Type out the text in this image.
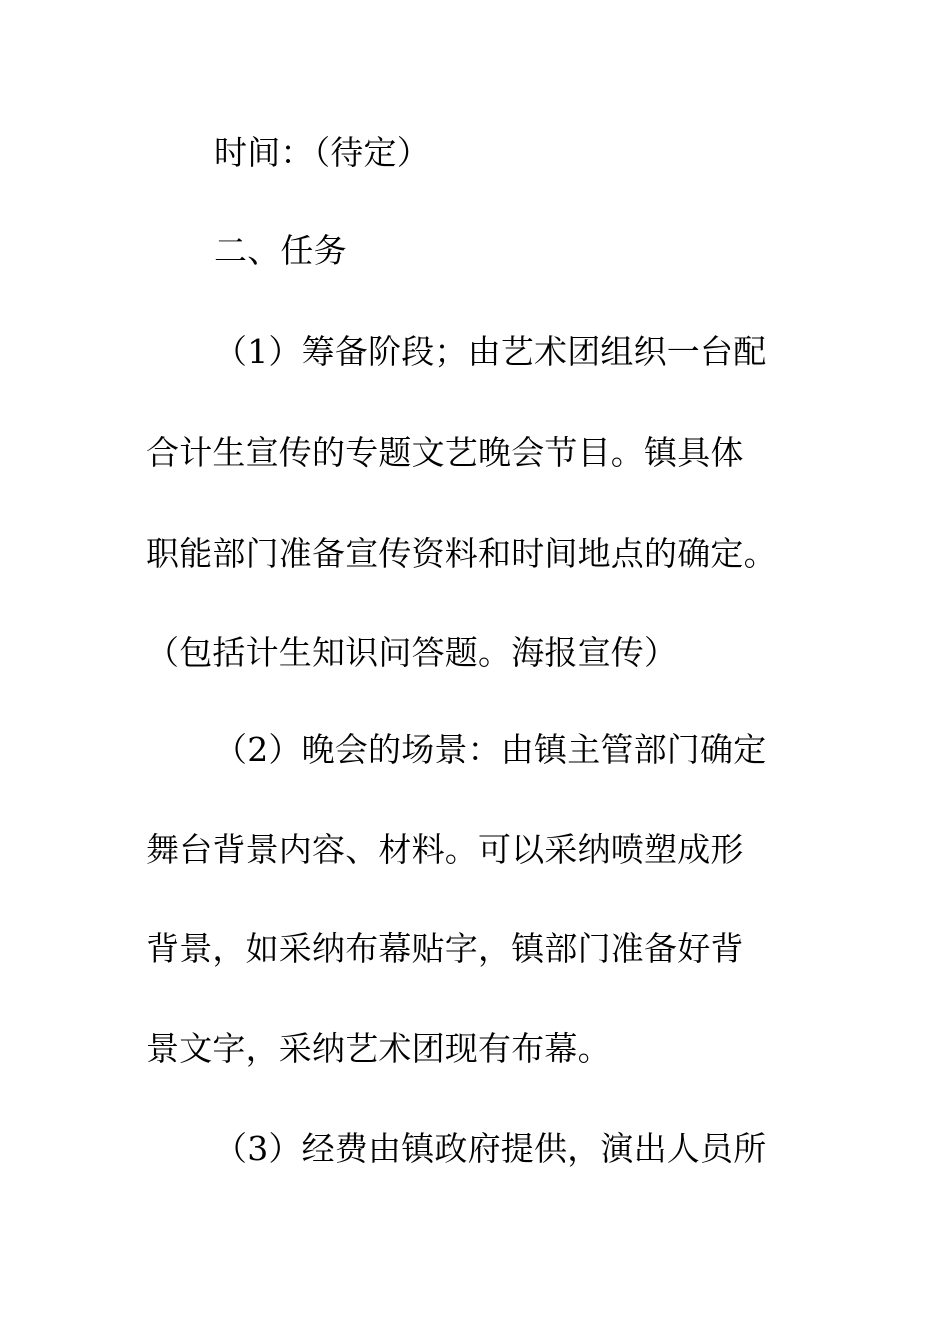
时间：（待定）
二、任务
（1）筹备阶段；由艺术团组织一台配
合计生宣传的专题文艺晚会节目。镇具体
职能部门准备宣传资料和时间地点的确定。
（包括计生知识问答题。海报宣传）
（2）晚会的场景：由镇主管部门确定
舞台背景内容、材料。可以采纳喷塑成形
背景，如采纳布幕贴字，镇部门准备好背
景文字，采纳艺术团现有布幕。
（3）经费由镇政府提供，演出人员所
